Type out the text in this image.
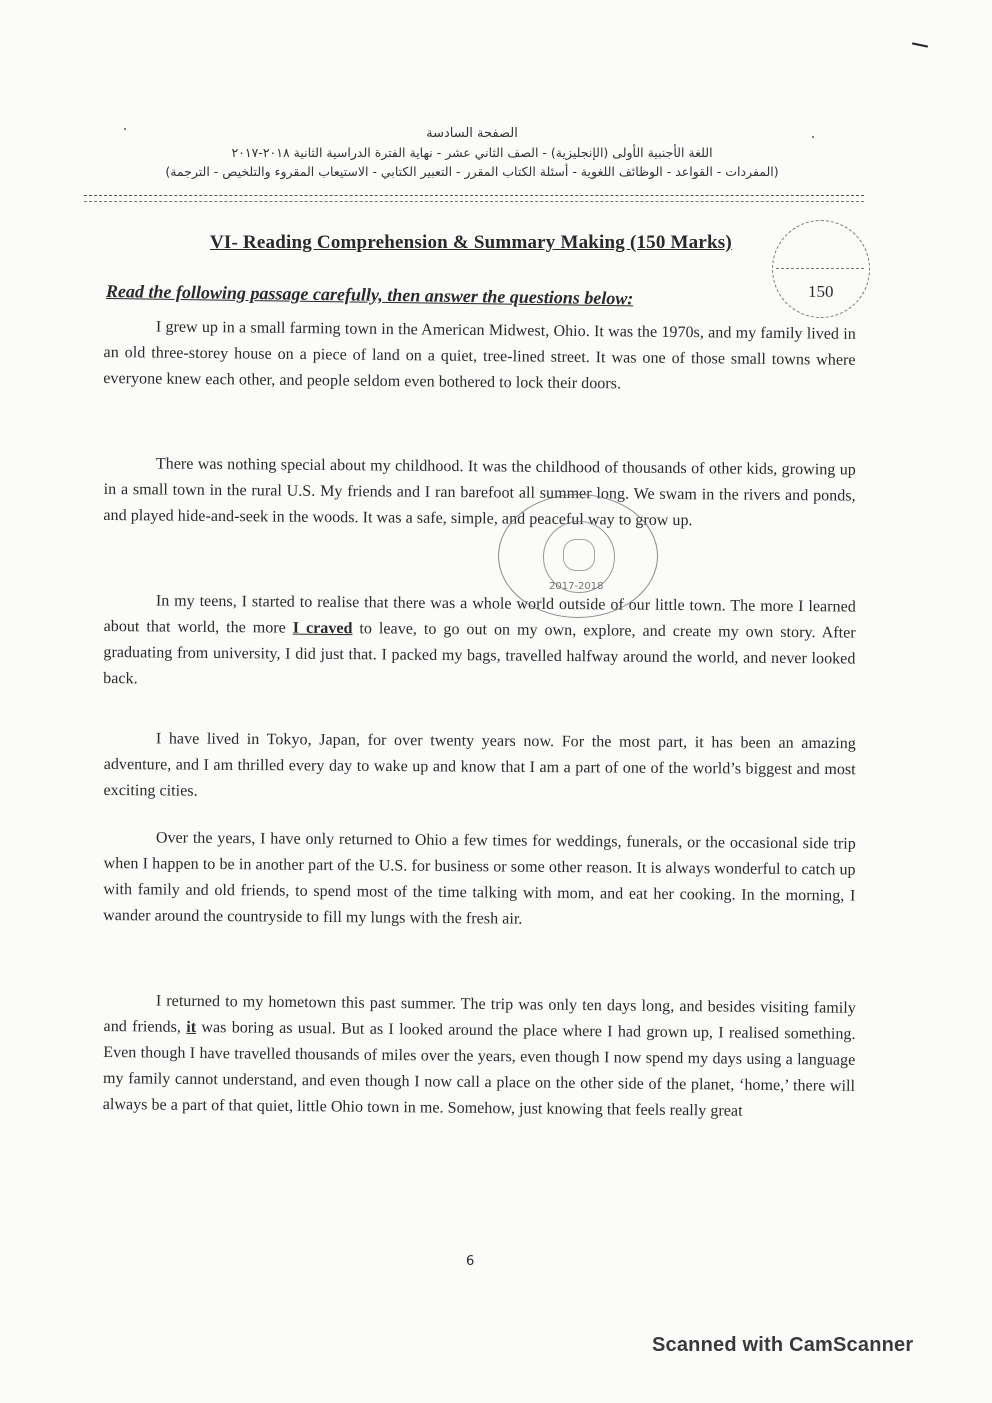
الصفحة السادسة
اللغة الأجنبية الأولى (الإنجليزية) - الصف الثاني عشر - نهاية الفترة الدراسية الثانية ٢٠١٨-٢٠١٧
(المفردات - القواعد - الوظائف اللغوية - أسئلة الكتاب المقرر - التعبير الكتابي - الاستيعاب المقروء والتلخيص - الترجمة)
VI- Reading Comprehension & Summary Making (150 Marks)
Read the following passage carefully, then answer the questions below:	150

I grew up in a small farming town in the American Midwest, Ohio. It was the 1970s, and my family lived in an old three-storey house on a piece of land on a quiet, tree-lined street. It was one of those small towns where everyone knew each other, and people seldom even bothered to lock their doors.

There was nothing special about my childhood. It was the childhood of thousands of other kids, growing up in a small town in the rural U.S. My friends and I ran barefoot all summer long. We swam in the rivers and ponds, and played hide-and-seek in the woods. It was a safe, simple, and peaceful way to grow up.

In my teens, I started to realise that there was a whole world outside of our little town. The more I learned about that world, the more I craved to leave, to go out on my own, explore, and create my own story. After graduating from university, I did just that. I packed my bags, travelled halfway around the world, and never looked back.

I have lived in Tokyo, Japan, for over twenty years now. For the most part, it has been an amazing adventure, and I am thrilled every day to wake up and know that I am a part of one of the world’s biggest and most exciting cities.

Over the years, I have only returned to Ohio a few times for weddings, funerals, or the occasional side trip when I happen to be in another part of the U.S. for business or some other reason. It is always wonderful to catch up with family and old friends, to spend most of the time talking with mom, and eat her cooking. In the morning, I wander around the countryside to fill my lungs with the fresh air.

I returned to my hometown this past summer. The trip was only ten days long, and besides visiting family and friends, it was boring as usual. But as I looked around the place where I had grown up, I realised something. Even though I have travelled thousands of miles over the years, even though I now spend my days using a language my family cannot understand, and even though I now call a place on the other side of the planet, ‘home,’ there will always be a part of that quiet, little Ohio town in me. Somehow, just knowing that feels really great

2017-2018
6
Scanned with CamScanner
